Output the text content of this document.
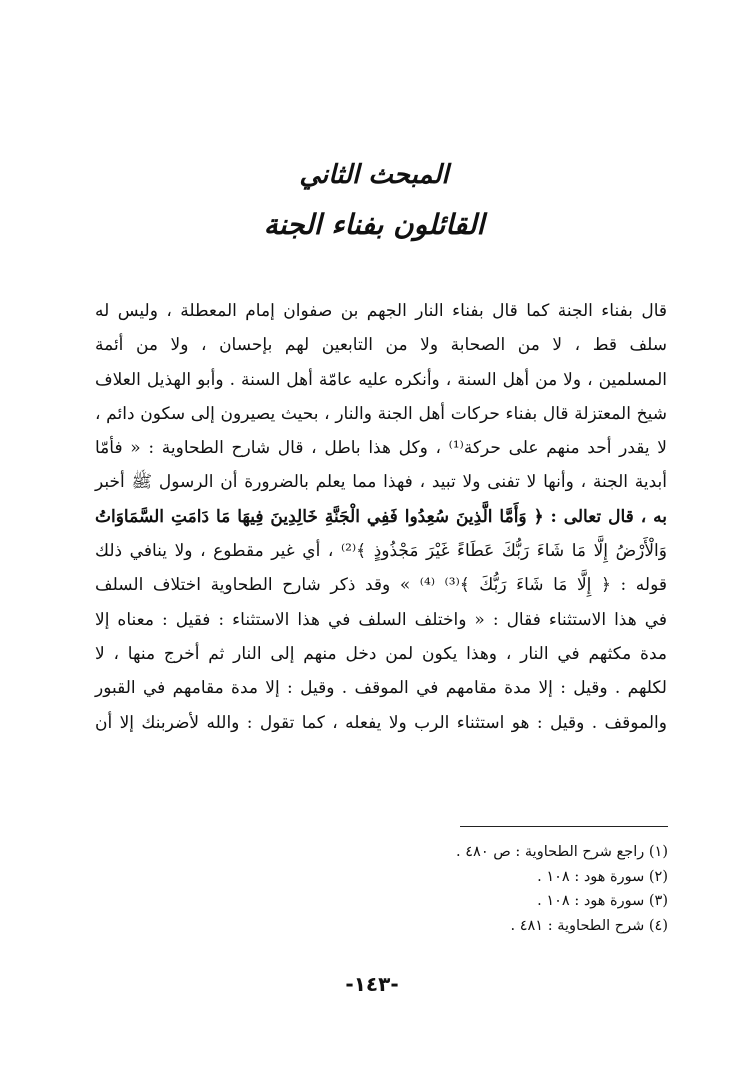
المبحث الثاني
القائلون بفناء الجنة
قال بفناء الجنة كما قال بفناء النار الجهم بن صفوان إمام المعطلة ، وليس له
سلف قط ، لا من الصحابة ولا من التابعين لهم بإحسان ، ولا من أئمة
المسلمين ، ولا من أهل السنة ، وأنكره عليه عامّة أهل السنة . وأبو الهذيل العلاف
شيخ المعتزلة قال بفناء حركات أهل الجنة والنار ، بحيث يصيرون إلى سكون دائم ،
لا يقدر أحد منهم على حركة⁽¹⁾ ، وكل هذا باطل ، قال شارح الطحاوية : « فأمّا
أبدية الجنة ، وأنها لا تفنى ولا تبيد ، فهذا مما يعلم بالضرورة أن الرسول ﷺ أخبر
به ، قال تعالى : ﴿ وَأَمَّا الَّذِينَ سُعِدُوا فَفِي الْجَنَّةِ خَالِدِينَ فِيهَا مَا دَامَتِ السَّمَاوَاتُ
وَالْأَرْضُ إِلَّا مَا شَاءَ رَبُّكَ عَطَاءً غَيْرَ مَجْذُوذٍ ﴾⁽²⁾ ، أي غير مقطوع ، ولا ينافي ذلك
قوله : ﴿ إِلَّا مَا شَاءَ رَبُّكَ ﴾⁽³⁾ ⁽⁴⁾ » وقد ذكر شارح الطحاوية اختلاف السلف
في هذا الاستثناء فقال : « واختلف السلف في هذا الاستثناء : فقيل : معناه إلا
مدة مكثهم في النار ، وهذا يكون لمن دخل منهم إلى النار ثم أخرج منها ، لا
لكلهم . وقيل : إلا مدة مقامهم في الموقف . وقيل : إلا مدة مقامهم في القبور
والموقف . وقيل : هو استثناء الرب ولا يفعله ، كما تقول : والله لأضربنك إلا أن
(١) راجع شرح الطحاوية : ص ٤٨٠ .
(٢) سورة هود : ١٠٨ .
(٣) سورة هود : ١٠٨ .
(٤) شرح الطحاوية : ٤٨١ .
-١٤٣-
